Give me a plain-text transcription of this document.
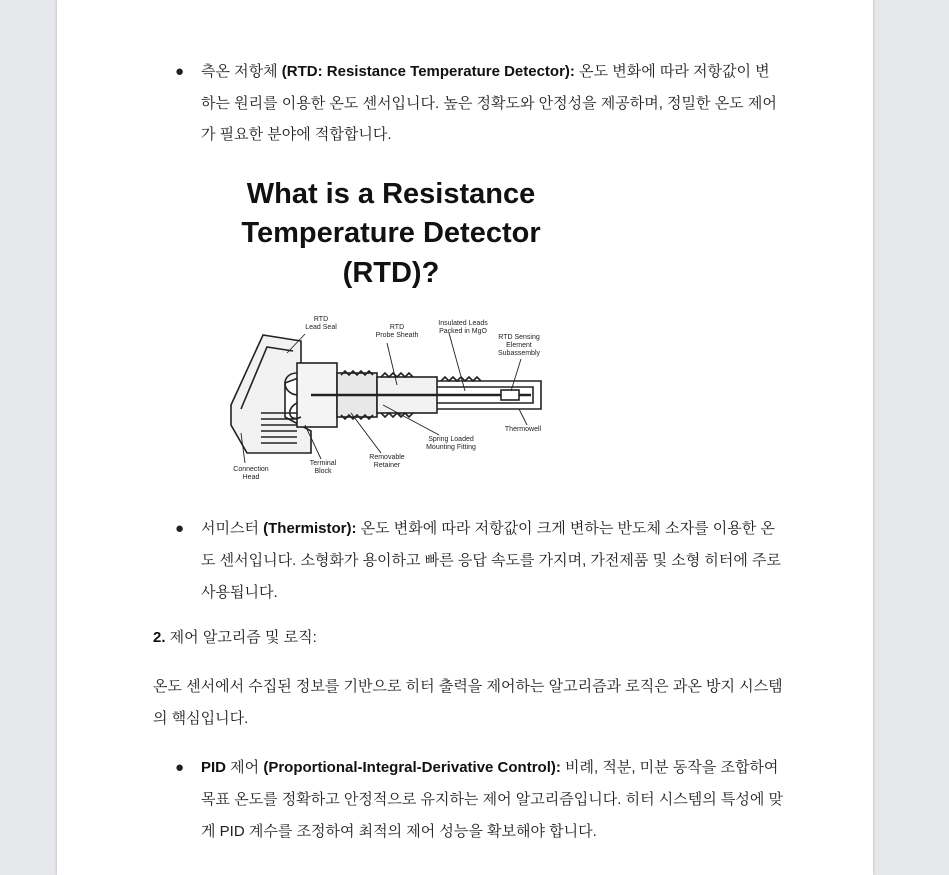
● 측온 저항체 (RTD: Resistance Temperature Detector): 온도 변화에 따라 저항값이 변하는 원리를 이용한 온도 센서입니다. 높은 정확도와 안정성을 제공하며, 정밀한 온도 제어가 필요한 분야에 적합합니다.
What is a Resistance
Temperature Detector
(RTD)?
RTD
Lead Seal	RTD
Probe Sheath
Insulated Leads
Packed in MgO
RTD Sensing
Element
Subassembly
Thermowell
Spring Loaded
Mounting Fitting
Removable
Retainer
Terminal
Block
Connection
Head
● 서미스터 (Thermistor): 온도 변화에 따라 저항값이 크게 변하는 반도체 소자를 이용한 온도 센서입니다. 소형화가 용이하고 빠른 응답 속도를 가지며, 가전제품 및 소형 히터에 주로 사용됩니다.
2. 제어 알고리즘 및 로직:
온도 센서에서 수집된 정보를 기반으로 히터 출력을 제어하는 알고리즘과 로직은 과온 방지 시스템의 핵심입니다.
● PID 제어 (Proportional-Integral-Derivative Control): 비례, 적분, 미분 동작을 조합하여 목표 온도를 정확하고 안정적으로 유지하는 제어 알고리즘입니다. 히터 시스템의 특성에 맞게 PID 계수를 조정하여 최적의 제어 성능을 확보해야 합니다.
